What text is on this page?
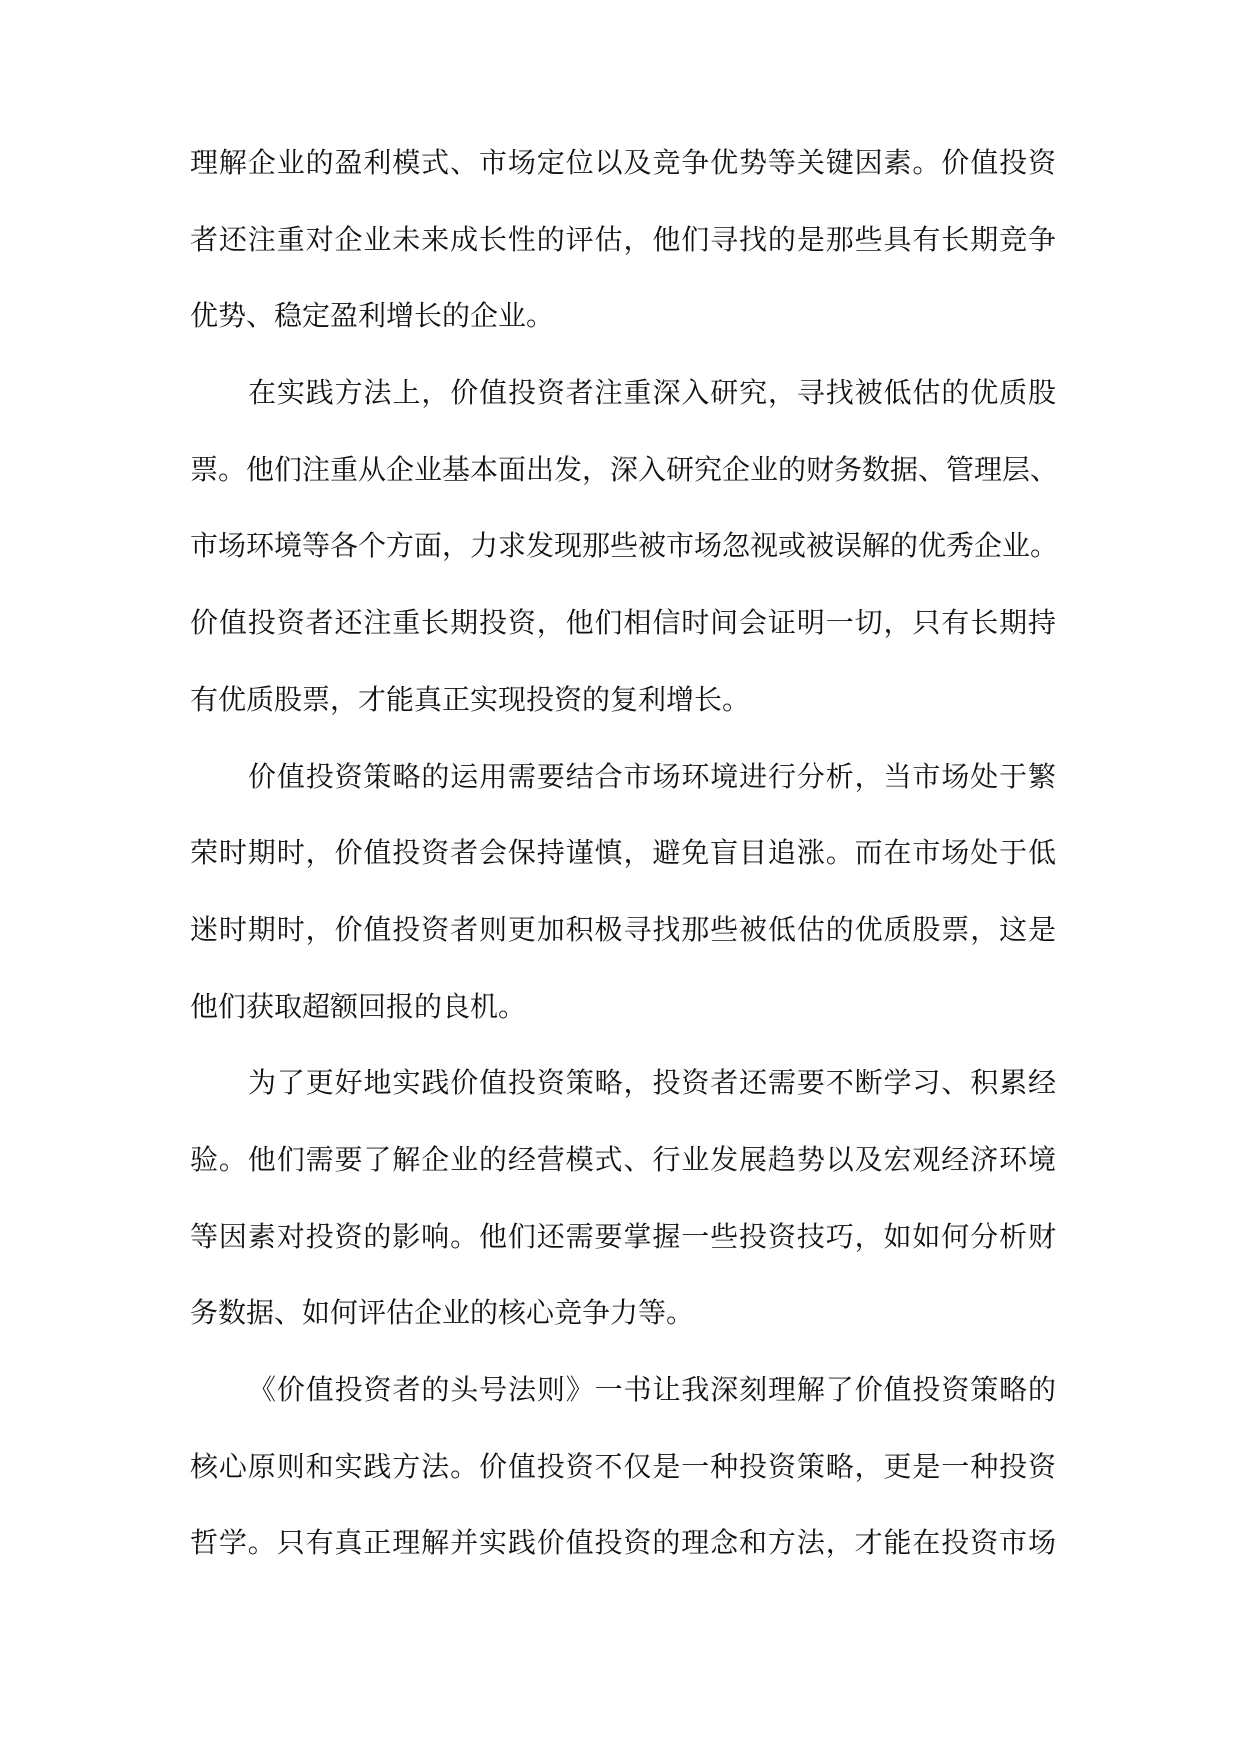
理解企业的盈利模式、市场定位以及竞争优势等关键因素。价值投资
者还注重对企业未来成长性的评估，他们寻找的是那些具有长期竞争
优势、稳定盈利增长的企业。
在实践方法上，价值投资者注重深入研究，寻找被低估的优质股
票。他们注重从企业基本面出发，深入研究企业的财务数据、管理层、
市场环境等各个方面，力求发现那些被市场忽视或被误解的优秀企业。
价值投资者还注重长期投资，他们相信时间会证明一切，只有长期持
有优质股票，才能真正实现投资的复利增长。
价值投资策略的运用需要结合市场环境进行分析，当市场处于繁
荣时期时，价值投资者会保持谨慎，避免盲目追涨。而在市场处于低
迷时期时，价值投资者则更加积极寻找那些被低估的优质股票，这是
他们获取超额回报的良机。
为了更好地实践价值投资策略，投资者还需要不断学习、积累经
验。他们需要了解企业的经营模式、行业发展趋势以及宏观经济环境
等因素对投资的影响。他们还需要掌握一些投资技巧，如如何分析财
务数据、如何评估企业的核心竞争力等。
《价值投资者的头号法则》一书让我深刻理解了价值投资策略的
核心原则和实践方法。价值投资不仅是一种投资策略，更是一种投资
哲学。只有真正理解并实践价值投资的理念和方法，才能在投资市场
